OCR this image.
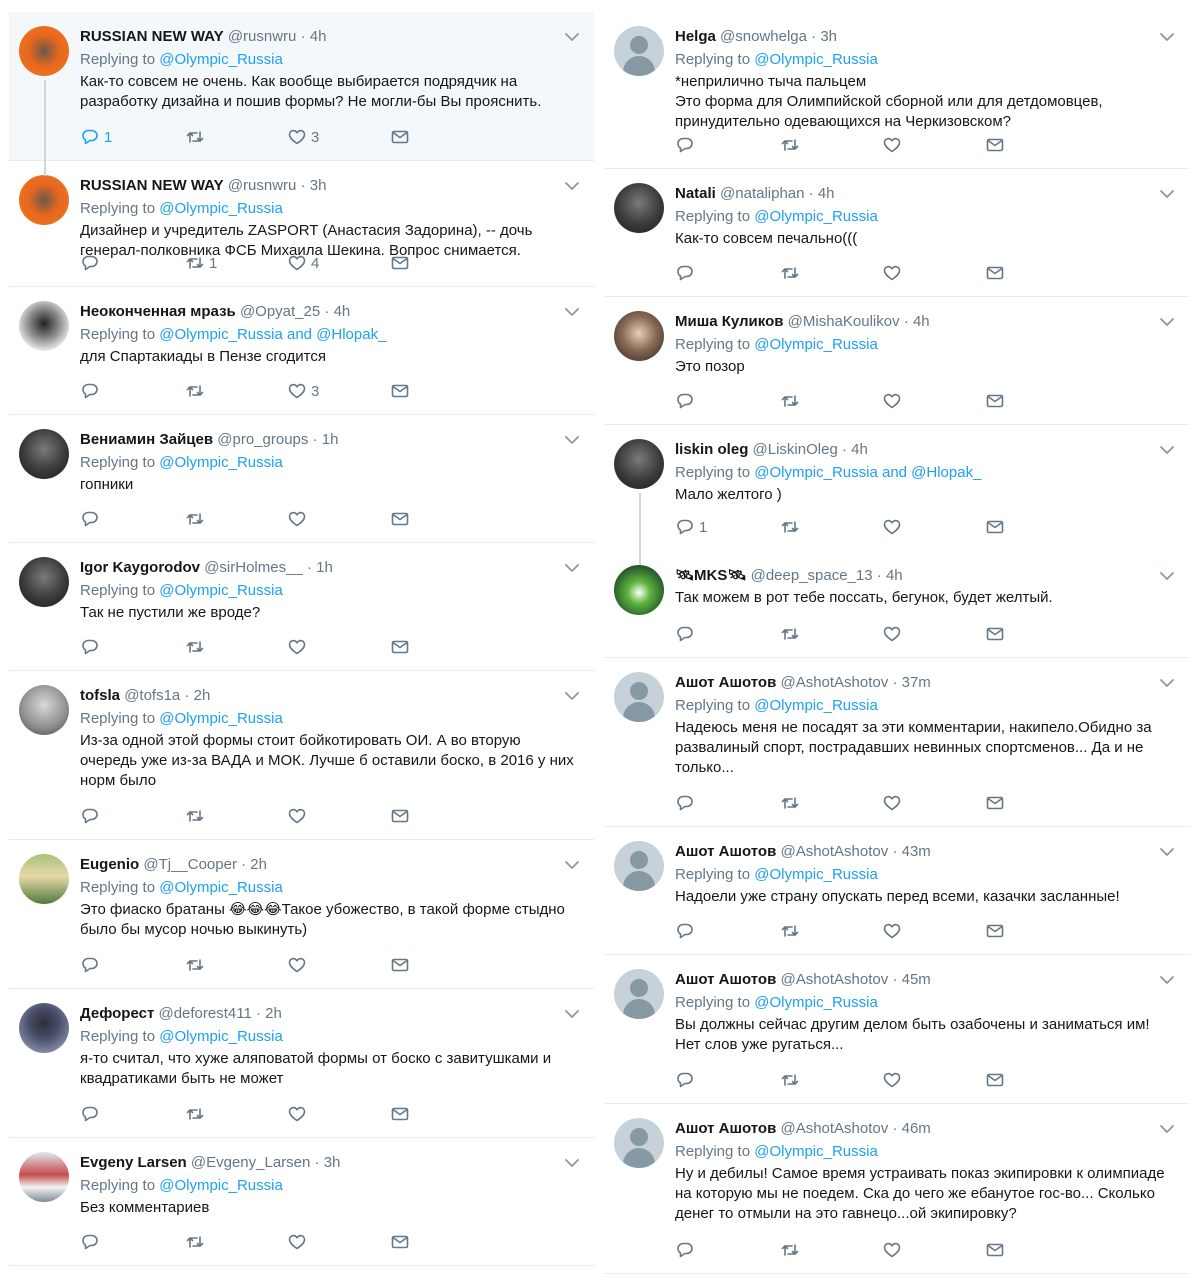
RUSSIAN NEW WAY @rusnwru · 4h
Replying to @Olympic_Russia
Как-то совсем не очень. Как вообще выбирается подрядчик на разработку дизайна и пошив формы? Не могли-бы Вы прояснить.
1	3
RUSSIAN NEW WAY @rusnwru · 3h
Replying to @Olympic_Russia
Дизайнер и учредитель ZASPORT (Анастасия Задорина), -- дочь генерал-полковника ФСБ Михаила Шекина. Вопрос снимается.
1	4
Неоконченная мразь @Opyat_25 · 4h
Replying to @Olympic_Russia and @Hlopak_
для Спартакиады в Пензе сгодится
3
Вениамин Зайцев @pro_groups · 1h
Replying to @Olympic_Russia
гопники
Igor Kaygorodov @sirHolmes__ · 1h
Replying to @Olympic_Russia
Так не пустили же вроде?
tofsla @tofs1a · 2h
Replying to @Olympic_Russia
Из-за одной этой формы стоит бойкотировать ОИ. А во вторую очередь уже из-за ВАДА и МОК. Лучше б оставили боско, в 2016 у них норм было
Eugenio @Tj__Cooper · 2h
Replying to @Olympic_Russia
Это фиаско братаны 😂😂😂Такое убожество, в такой форме стыдно было бы мусор ночью выкинуть)
Дефорест @deforest411 · 2h
Replying to @Olympic_Russia
я-то считал, что хуже аляповатой формы от боско с завитушками и квадратиками быть не может
Evgeny Larsen @Evgeny_Larsen · 3h
Replying to @Olympic_Russia
Без комментариев
Helga @snowhelga · 3h
Replying to @Olympic_Russia
*неприлично тыча пальцем
Это форма для Олимпийской сборной или для детдомовцев, принудительно одевающихся на Черкизовском?
Natali @nataliphan · 4h
Replying to @Olympic_Russia
Как-то совсем печально(((
Миша Куликов @MishaKoulikov · 4h
Replying to @Olympic_Russia
Это позор
liskin oleg @LiskinOleg · 4h
Replying to @Olympic_Russia and @Hlopak_
Мало желтого )
1
🛰MKS🛰 @deep_space_13 · 4h
Так можем в рот тебе поссать, бегунок, будет желтый.
Ашот Ашотов @AshotAshotov · 37m
Replying to @Olympic_Russia
Надеюсь меня не посадят за эти комментарии, накипело.Обидно за развалиный спорт, пострадавших невинных спортсменов... Да и не только...
Ашот Ашотов @AshotAshotov · 43m
Replying to @Olympic_Russia
Надоели уже страну опускать перед всеми, казачки засланные!
Ашот Ашотов @AshotAshotov · 45m
Replying to @Olympic_Russia
Вы должны сейчас другим делом быть озабочены и заниматься им! Нет слов уже ругаться...
Ашот Ашотов @AshotAshotov · 46m
Replying to @Olympic_Russia
Ну и дебилы! Самое время устраивать показ экипировки к олимпиаде на которую мы не поедем. Ска до чего же ебанутое гос-во... Сколько денег то отмыли на это гавнецо...ой экипировку?
